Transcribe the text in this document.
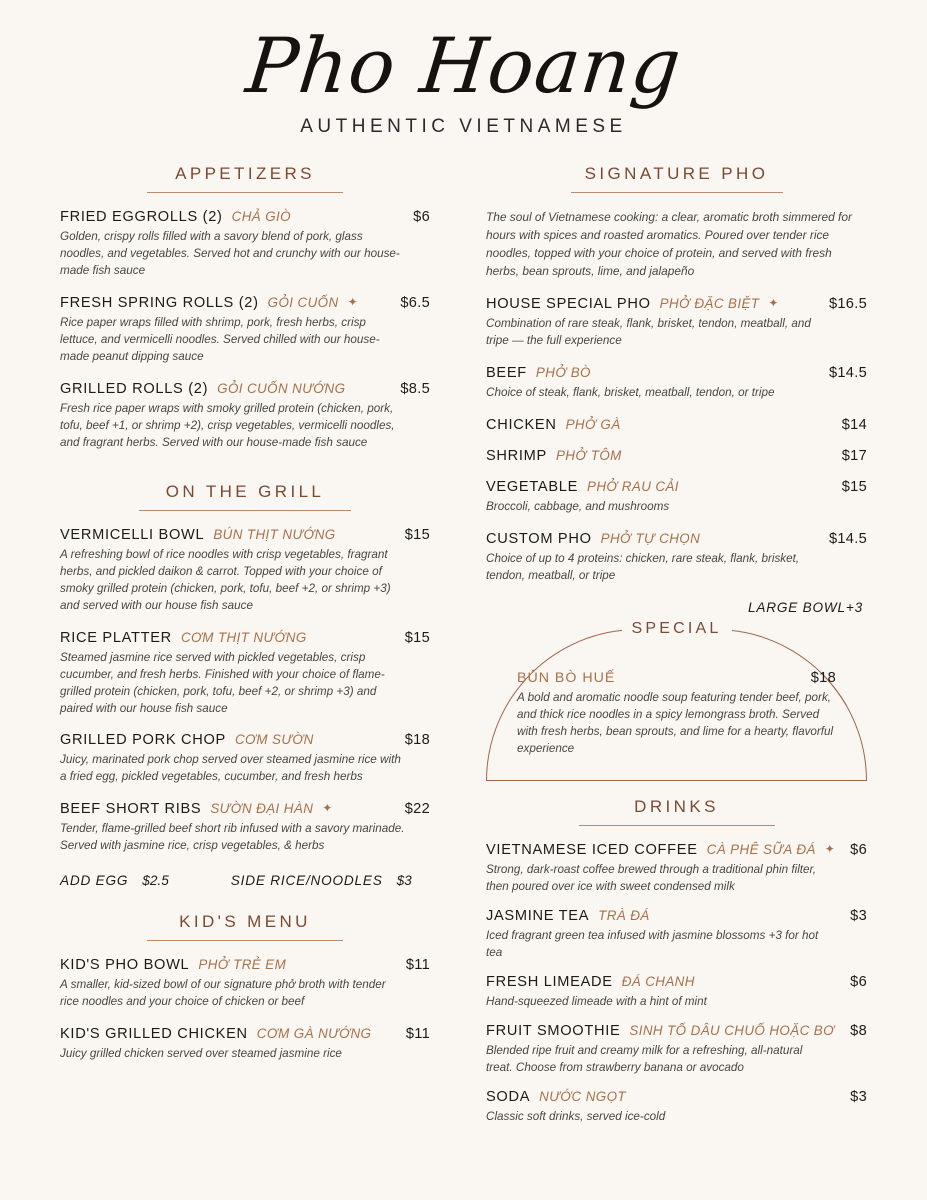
Pho Hoang
AUTHENTIC VIETNAMESE
APPETIZERS
FRIED EGGROLLS (2) CHẢ GIÒ	$6
Golden, crispy rolls filled with a savory blend of pork, glass noodles, and vegetables. Served hot and crunchy with our house-made fish sauce
FRESH SPRING ROLLS (2) GỎI CUỐN ✦	$6.5
Rice paper wraps filled with shrimp, pork, fresh herbs, crisp lettuce, and vermicelli noodles. Served chilled with our house-made peanut dipping sauce
GRILLED ROLLS (2) GỎI CUỐN NƯỚNG	$8.5
Fresh rice paper wraps with smoky grilled protein (chicken, pork, tofu, beef +1, or shrimp +2), crisp vegetables, vermicelli noodles, and fragrant herbs. Served with our house-made fish sauce
ON THE GRILL
VERMICELLI BOWL BÚN THỊT NƯỚNG	$15
A refreshing bowl of rice noodles with crisp vegetables, fragrant herbs, and pickled daikon & carrot. Topped with your choice of smoky grilled protein (chicken, pork, tofu, beef +2, or shrimp +3) and served with our house fish sauce
RICE PLATTER CƠM THỊT NƯỚNG	$15
Steamed jasmine rice served with pickled vegetables, crisp cucumber, and fresh herbs. Finished with your choice of flame-grilled protein (chicken, pork, tofu, beef +2, or shrimp +3) and paired with our house fish sauce
GRILLED PORK CHOP CƠM SƯỜN	$18
Juicy, marinated pork chop served over steamed jasmine rice with a fried egg, pickled vegetables, cucumber, and fresh herbs
BEEF SHORT RIBS SƯỜN ĐẠI HÀN ✦	$22
Tender, flame-grilled beef short rib infused with a savory marinade. Served with jasmine rice, crisp vegetables, & herbs
ADD EGG $2.5	SIDE RICE/NOODLES $3
KID'S MENU
KID'S PHO BOWL PHỞ TRẺ EM	$11
A smaller, kid-sized bowl of our signature phở broth with tender rice noodles and your choice of chicken or beef
KID'S GRILLED CHICKEN CƠM GÀ NƯỚNG $11
Juicy grilled chicken served over steamed jasmine rice
SIGNATURE PHO
The soul of Vietnamese cooking: a clear, aromatic broth simmered for hours with spices and roasted aromatics. Poured over tender rice noodles, topped with your choice of protein, and served with fresh herbs, bean sprouts, lime, and jalapeño
HOUSE SPECIAL PHO PHỞ ĐẶC BIỆT ✦	$16.5
Combination of rare steak, flank, brisket, tendon, meatball, and tripe — the full experience
BEEF PHỞ BÒ	$14.5
Choice of steak, flank, brisket, meatball, tendon, or tripe
CHICKEN PHỞ GÀ	$14
SHRIMP PHỞ TÔM	$17
VEGETABLE PHỞ RAU CẢI	$15
Broccoli, cabbage, and mushrooms
CUSTOM PHO PHỞ TỰ CHỌN	$14.5
Choice of up to 4 proteins: chicken, rare steak, flank, brisket, tendon, meatball, or tripe
LARGE BOWL+3
SPECIAL
BÚN BÒ HUẾ	$18
A bold and aromatic noodle soup featuring tender beef, pork, and thick rice noodles in a spicy lemongrass broth. Served with fresh herbs, bean sprouts, and lime for a hearty, flavorful experience
DRINKS
VIETNAMESE ICED COFFEE CÀ PHÊ SỮA ĐÁ ✦ $6
Strong, dark-roast coffee brewed through a traditional phin filter, then poured over ice with sweet condensed milk
JASMINE TEA TRÀ ĐÁ	$3
Iced fragrant green tea infused with jasmine blossoms +3 for hot tea
FRESH LIMEADE ĐÁ CHANH	$6
Hand-squeezed limeade with a hint of mint
FRUIT SMOOTHIE SINH TỐ DÂU CHUỐ HOẶC BƠ $8
Blended ripe fruit and creamy milk for a refreshing, all-natural treat. Choose from strawberry banana or avocado
SODA NƯỚC NGỌT	$3
Classic soft drinks, served ice-cold
